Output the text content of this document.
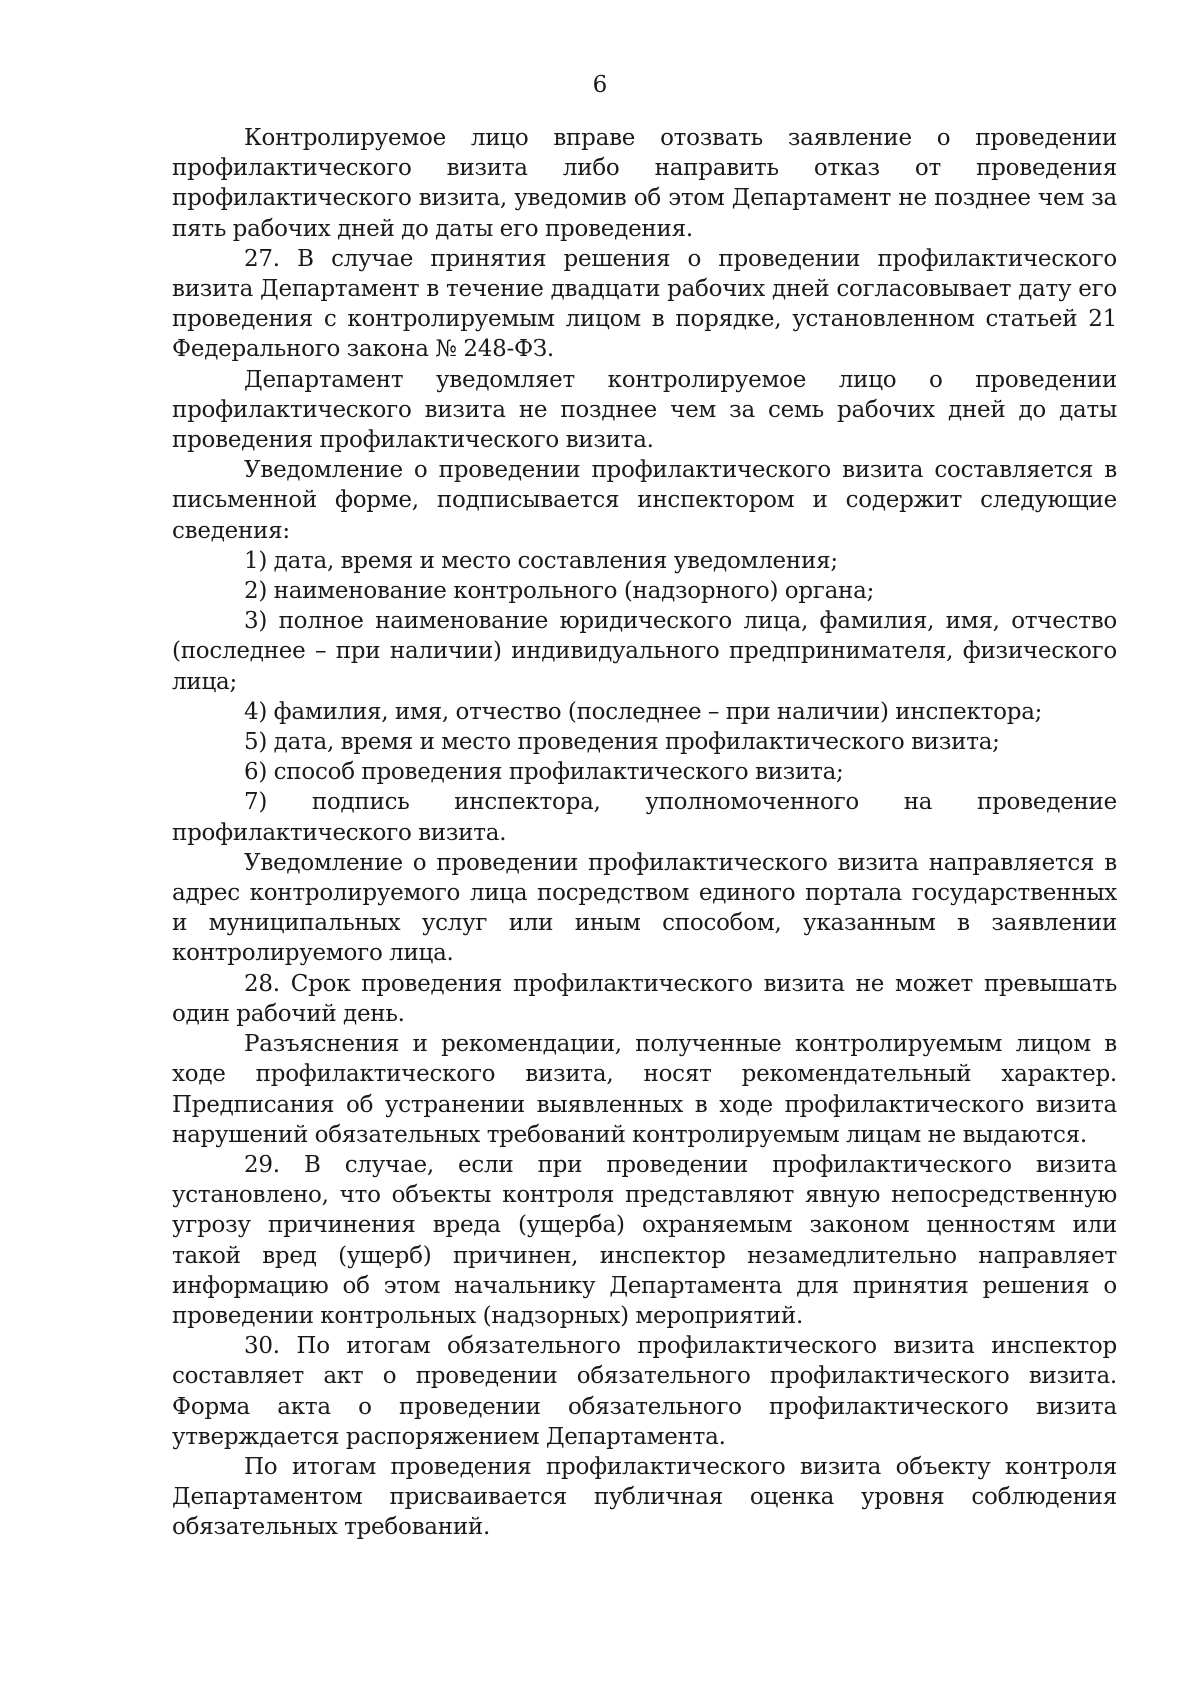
6

Контролируемое лицо вправе отозвать заявление о проведении профилактического визита либо направить отказ от проведения профилактического визита, уведомив об этом Департамент не позднее чем за пять рабочих дней до даты его проведения.

27. В случае принятия решения о проведении профилактического визита Департамент в течение двадцати рабочих дней согласовывает дату его проведения с контролируемым лицом в порядке, установленном статьей 21 Федерального закона № 248-ФЗ.

Департамент уведомляет контролируемое лицо о проведении профилактического визита не позднее чем за семь рабочих дней до даты проведения профилактического визита.

Уведомление о проведении профилактического визита составляется в письменной форме, подписывается инспектором и содержит следующие сведения:

1) дата, время и место составления уведомления;

2) наименование контрольного (надзорного) органа;

3) полное наименование юридического лица, фамилия, имя, отчество (последнее – при наличии) индивидуального предпринимателя, физического лица;

4) фамилия, имя, отчество (последнее – при наличии) инспектора;

5) дата, время и место проведения профилактического визита;

6) способ проведения профилактического визита;

7) подпись инспектора, уполномоченного на проведение профилактического визита.

Уведомление о проведении профилактического визита направляется в адрес контролируемого лица посредством единого портала государственных и муниципальных услуг или иным способом, указанным в заявлении контролируемого лица.

28. Срок проведения профилактического визита не может превышать один рабочий день.

Разъяснения и рекомендации, полученные контролируемым лицом в ходе профилактического визита, носят рекомендательный характер. Предписания об устранении выявленных в ходе профилактического визита нарушений обязательных требований контролируемым лицам не выдаются.

29. В случае, если при проведении профилактического визита установлено, что объекты контроля представляют явную непосредственную угрозу причинения вреда (ущерба) охраняемым законом ценностям или такой вред (ущерб) причинен, инспектор незамедлительно направляет информацию об этом начальнику Департамента для принятия решения о проведении контрольных (надзорных) мероприятий.

30. По итогам обязательного профилактического визита инспектор составляет акт о проведении обязательного профилактического визита. Форма акта о проведении обязательного профилактического визита утверждается распоряжением Департамента.

По итогам проведения профилактического визита объекту контроля Департаментом присваивается публичная оценка уровня соблюдения обязательных требований.
